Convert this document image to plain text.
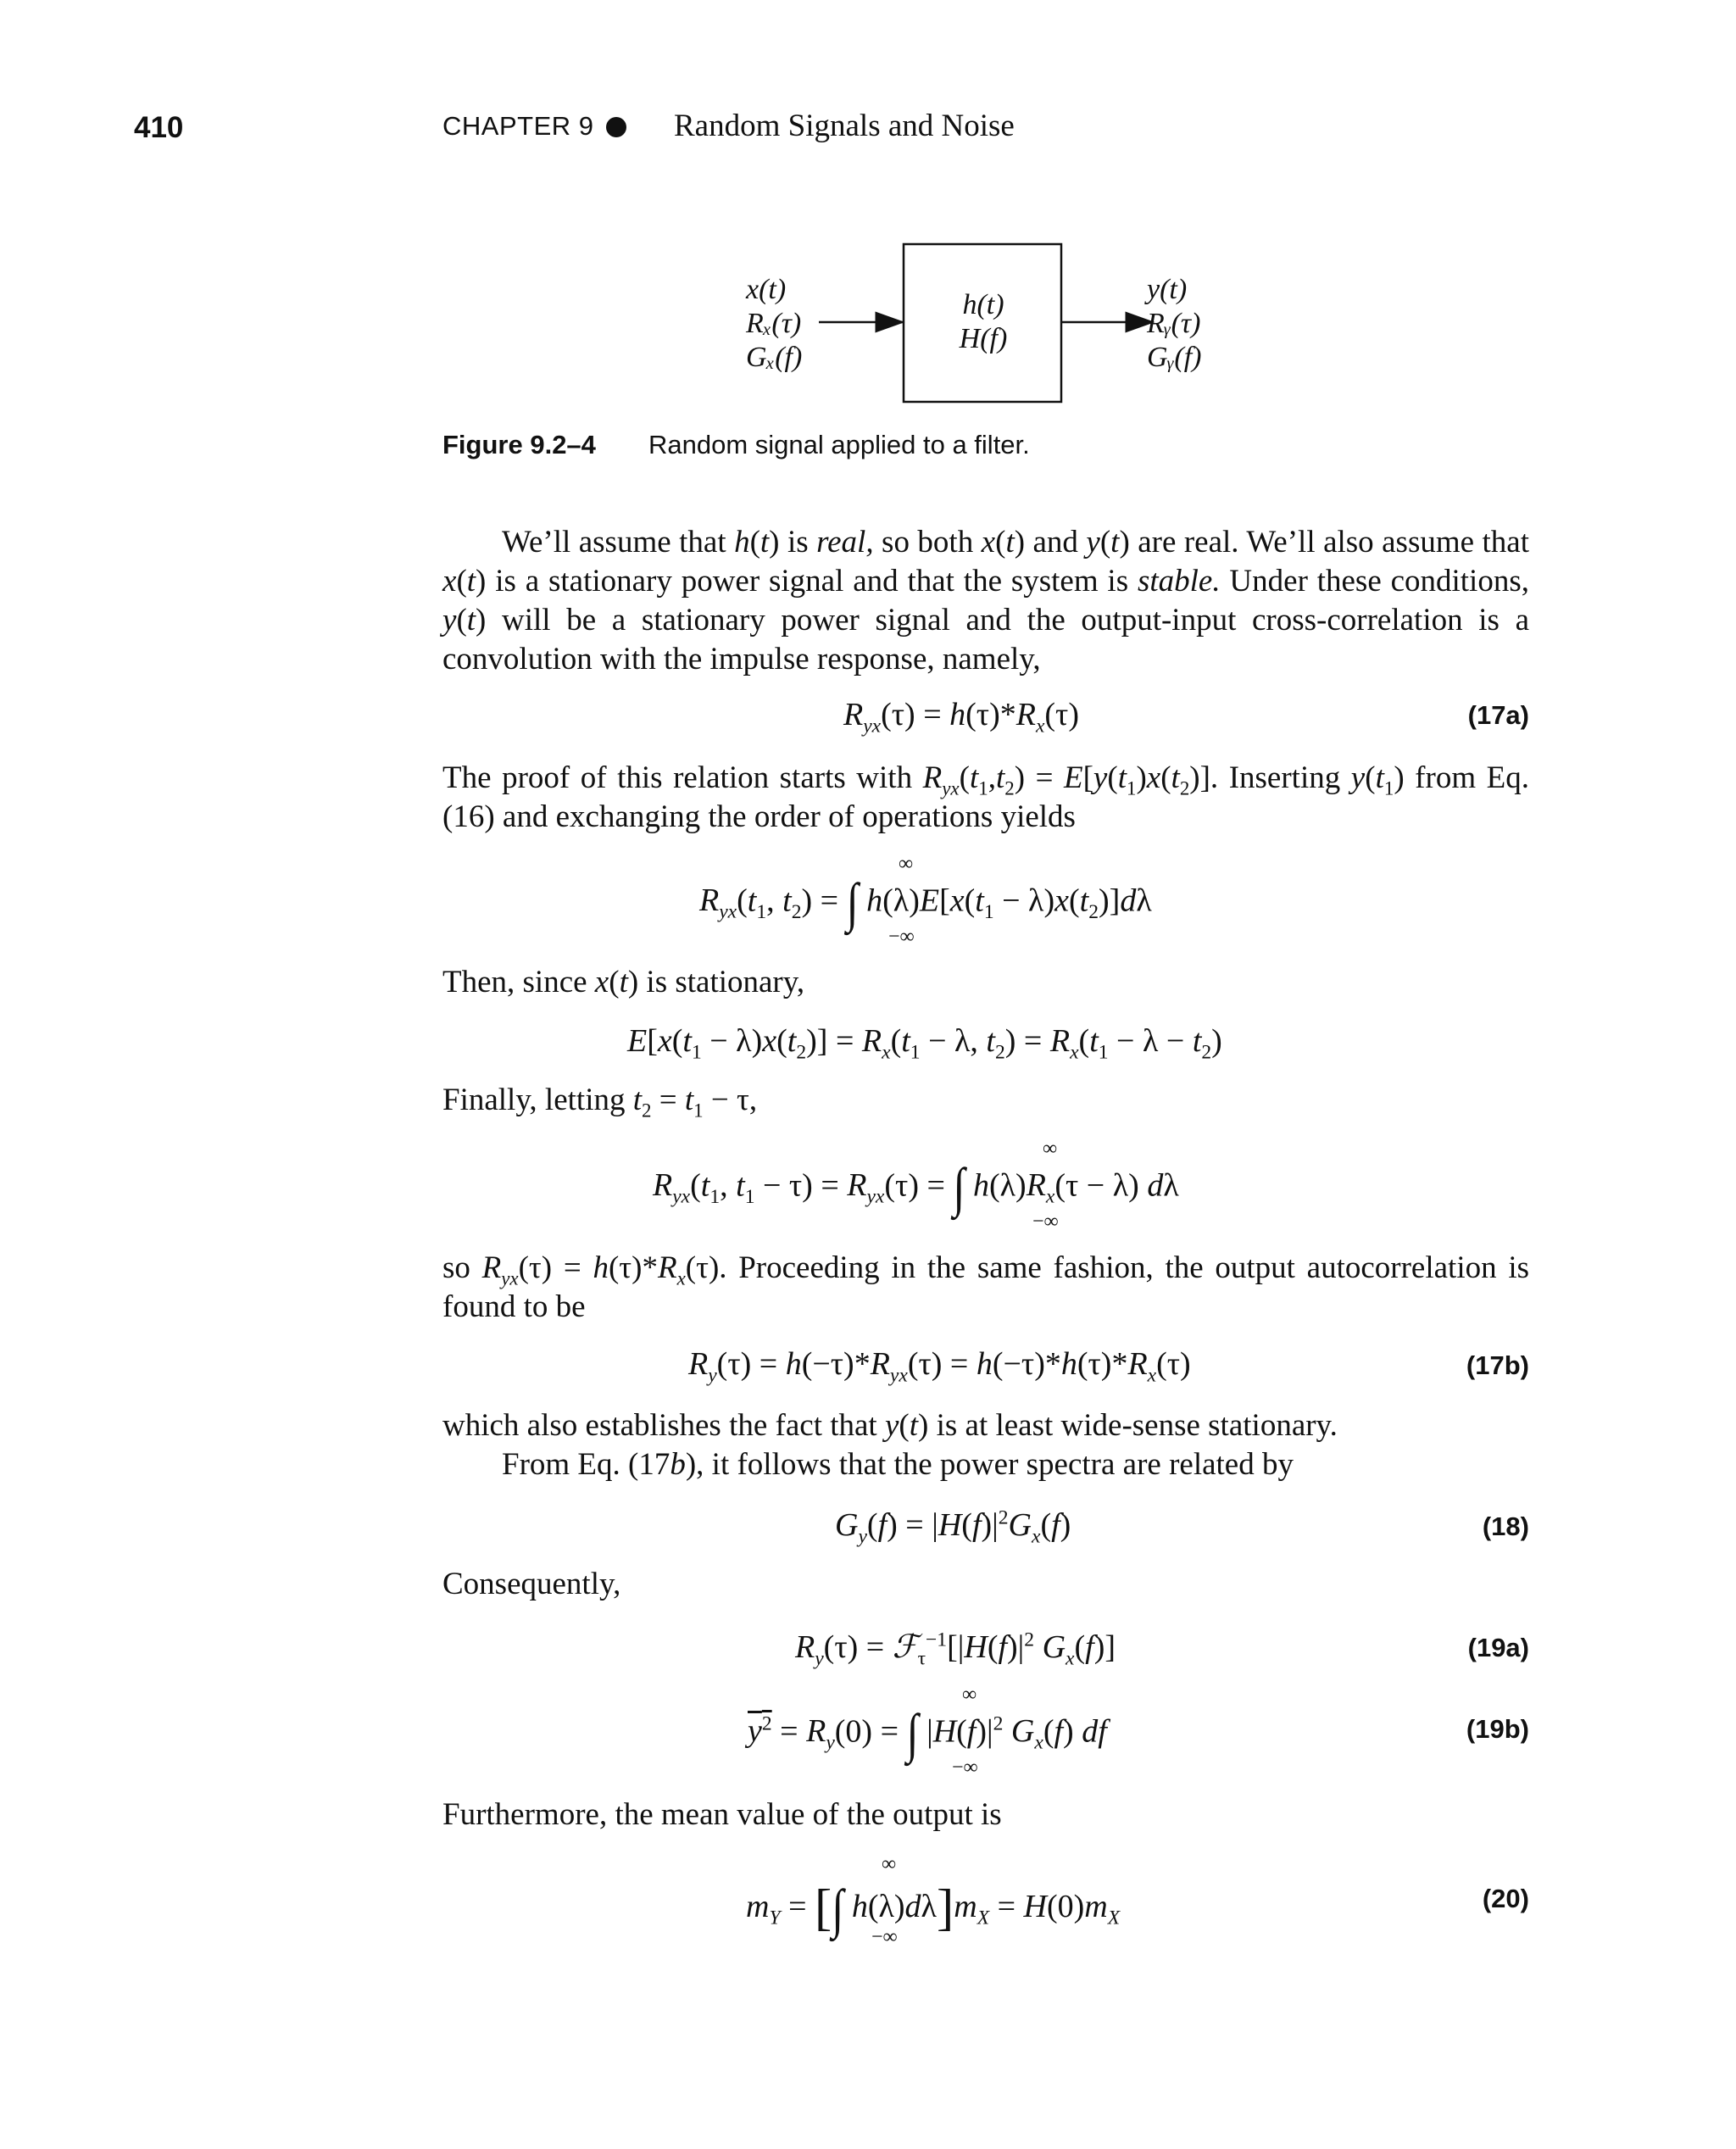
410	CHAPTER 9	Random Signals and Noise
x(t)
Rₓ(τ)
Gₓ(f)
h(t)
H(f)
y(t)
Rᵧ(τ)
Gᵧ(f)
Figure 9.2–4 Random signal applied to a filter.

We’ll assume that h(t) is real, so both x(t) and y(t) are real. We’ll also assume that x(t) is a stationary power signal and that the system is stable. Under these conditions, y(t) will be a stationary power signal and the output-input cross-correlation is a convolution with the impulse response, namely,

$R_{yx}(\tau) = h(\tau)*R_x(\tau)$	(17a)

The proof of this relation starts with $R_{yx}(t_1,t_2) = E[y(t_1)x(t_2)]$. Inserting $y(t_1)$ from Eq. (16) and exchanging the order of operations yields

$R_{yx}(t_1$, $t_2$) = ∫ $h(\lambda)E[x(t_1 - \lambda)x(t_2)]d\lambda$
∞
−∞

Then, since x(t) is stationary,

$E[x(t_1 - \lambda)x(t_2)] = R_x(t_1 - \lambda$, $t_2) = R_x(t_1 - \lambda - t_2)$

Finally, letting $t_2 = t_1 - \tau$,

$R_{yx}(t_1$, $t_1 - \tau) = R_{yx}(\tau)$ = ∫ $h(\lambda)R_x(\tau - \lambda)$ dλ
∞
−∞

so $R_{yx}(\tau) = h(\tau)*R_x(\tau)$. Proceeding in the same fashion, the output autocorrelation is found to be

$R_y(\tau) = h(-\tau)*R_{yx}(\tau) = h(-\tau)*h(\tau)*R_x(\tau)$	(17b)

which also establishes the fact that y(t) is at least wide-sense stationary.

From Eq. (17b), it follows that the power spectra are related by

$G_y(f) = |H(f)|^2G_x(f)$	(18)

Consequently,

$R_y(\tau)$ = $ℱ_\tau^{-1}[|H(f)|^2$ $G_x(f)$]	(19a)
$y^2 = R_y(0)$ = ∫ $|H(f)|^2$ $G_x(f)$ df
∞
−∞
(19b)

Furthermore, the mean value of the output is

$m_Y$ = [∫ $h(\lambda)d\lambda]m_X = H(0)m_X$
∞
−∞
(20)
